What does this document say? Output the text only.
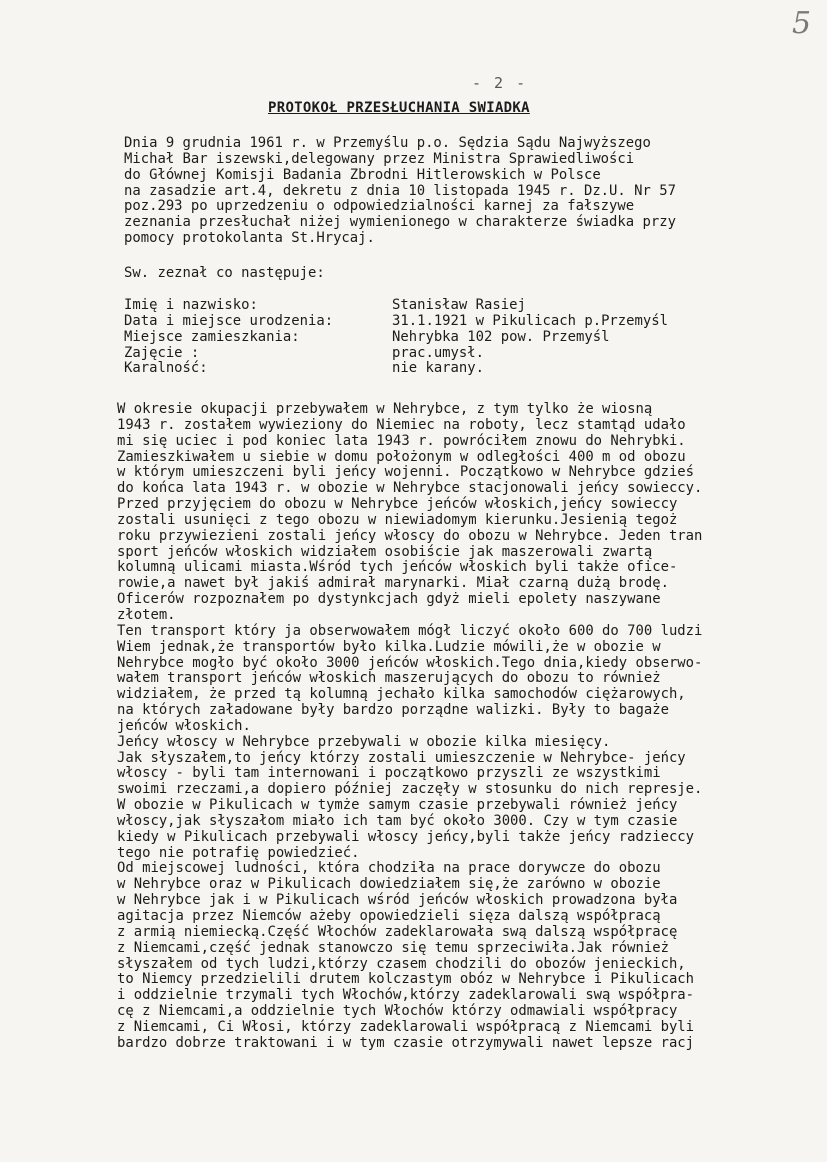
5
- 2 -
PROTOKOŁ PRZESŁUCHANIA SWIADKA
Dnia 9 grudnia 1961 r. w Przemyślu p.o. Sędzia Sądu Najwyższego
Michał Bar iszewski,delegowany przez Ministra Sprawiedliwości
do Głównej Komisji Badania Zbrodni Hitlerowskich w Polsce
na zasadzie art.4, dekretu z dnia 10 listopada 1945 r. Dz.U. Nr 57
poz.293 po uprzedzeniu o odpowiedzialności karnej za fałszywe
zeznania przesłuchał niżej wymienionego w charakterze świadka przy
pomocy protokolanta St.Hrycaj.
Sw. zeznał co następuje:
Imię i nazwisko:	Stanisław Rasiej
Data i miejsce urodzenia:	31.1.1921 w Pikulicach p.Przemyśl
Miejsce zamieszkania:	Nehrybka 102 pow. Przemyśl
Zajęcie :	prac.umysł.
Karalność:	nie karany.
W okresie okupacji przebywałem w Nehrybce, z tym tylko że wiosną
1943 r. zostałem wywieziony do Niemiec na roboty, lecz stamtąd udało
mi się uciec i pod koniec lata 1943 r. powróciłem znowu do Nehrybki.
Zamieszkiwałem u siebie w domu położonym w odległości 400 m od obozu
w którym umieszczeni byli jeńcy wojenni. Początkowo w Nehrybce gdzieś
do końca lata 1943 r. w obozie w Nehrybce stacjonowali jeńcy sowieccy.
Przed przyjęciem do obozu w Nehrybce jeńców włoskich,jeńcy sowieccy
zostali usunięci z tego obozu w niewiadomym kierunku.Jesienią tegoż
roku przywiezieni zostali jeńcy włoscy do obozu w Nehrybce. Jeden tran
sport jeńców włoskich widziałem osobiście jak maszerowali zwartą
kolumną ulicami miasta.Wśród tych jeńców włoskich byli także ofice-
rowie,a nawet był jakiś admirał marynarki. Miał czarną dużą brodę.
Oficerów rozpoznałem po dystynkcjach gdyż mieli epolety naszywane
złotem.
Ten transport który ja obserwowałem mógł liczyć około 600 do 700 ludzi
Wiem jednak,że transportów było kilka.Ludzie mówili,że w obozie w
Nehrybce mogło być około 3000 jeńców włoskich.Tego dnia,kiedy obserwo-
wałem transport jeńców włoskich maszerujących do obozu to również
widziałem, że przed tą kolumną jechało kilka samochodów ciężarowych,
na których załadowane były bardzo porządne walizki. Były to bagaże
jeńców włoskich.
Jeńcy włoscy w Nehrybce przebywali w obozie kilka miesięcy.
Jak słyszałem,to jeńcy którzy zostali umieszczenie w Nehrybce- jeńcy
włoscy - byli tam internowani i początkowo przyszli ze wszystkimi
swoimi rzeczami,a dopiero później zaczęły w stosunku do nich represje.
W obozie w Pikulicach w tymże samym czasie przebywali również jeńcy
włoscy,jak słyszałom miało ich tam być około 3000. Czy w tym czasie
kiedy w Pikulicach przebywali włoscy jeńcy,byli także jeńcy radzieccy
tego nie potrafię powiedzieć.
Od miejscowej ludności, która chodziła na prace dorywcze do obozu
w Nehrybce oraz w Pikulicach dowiedziałem się,że zarówno w obozie
w Nehrybce jak i w Pikulicach wśród jeńców włoskich prowadzona była
agitacja przez Niemców ażeby opowiedzieli sięza dalszą współpracą
z armią niemiecką.Część Włochów zadeklarowała swą dalszą współpracę
z Niemcami,część jednak stanowczo się temu sprzeciwiła.Jak również
słyszałem od tych ludzi,którzy czasem chodzili do obozów jenieckich,
to Niemcy przedzielili drutem kolczastym obóz w Nehrybce i Pikulicach
i oddzielnie trzymali tych Włochów,którzy zadeklarowali swą współpra-
cę z Niemcami,a oddzielnie tych Włochów którzy odmawiali współpracy
z Niemcami, Ci Włosi, którzy zadeklarowali współpracą z Niemcami byli
bardzo dobrze traktowani i w tym czasie otrzymywali nawet lepsze racj
